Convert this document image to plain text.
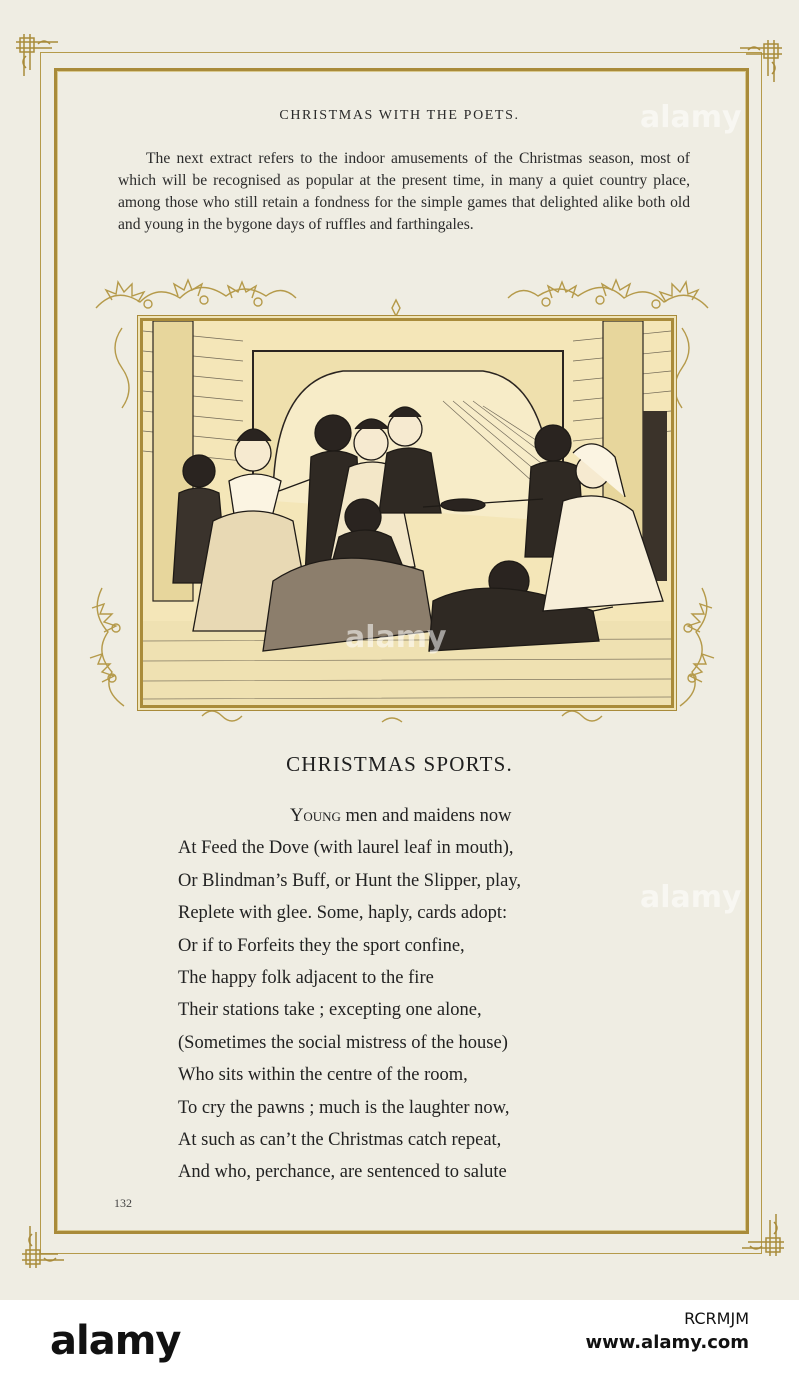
CHRISTMAS WITH THE POETS.
The next extract refers to the indoor amusements of the Christmas season, most of which will be recognised as popular at the present time, in many a quiet country place, among those who still retain a fondness for the simple games that delighted alike both old and young in the bygone days of ruffles and farthingales.
CHRISTMAS SPORTS.
Young men and maidens now
At Feed the Dove (with laurel leaf in mouth),
Or Blindman’s Buff, or Hunt the Slipper, play,
Replete with glee. Some, haply, cards adopt:
Or if to Forfeits they the sport confine,
The happy folk adjacent to the fire
Their stations take ; excepting one alone,
(Sometimes the social mistress of the house)
Who sits within the centre of the room,
To cry the pawns ; much is the laughter now,
At such as can’t the Christmas catch repeat,
And who, perchance, are sentenced to salute
132
alamy
alamy
alamy
alamy	RCRMJM
www.alamy.com
